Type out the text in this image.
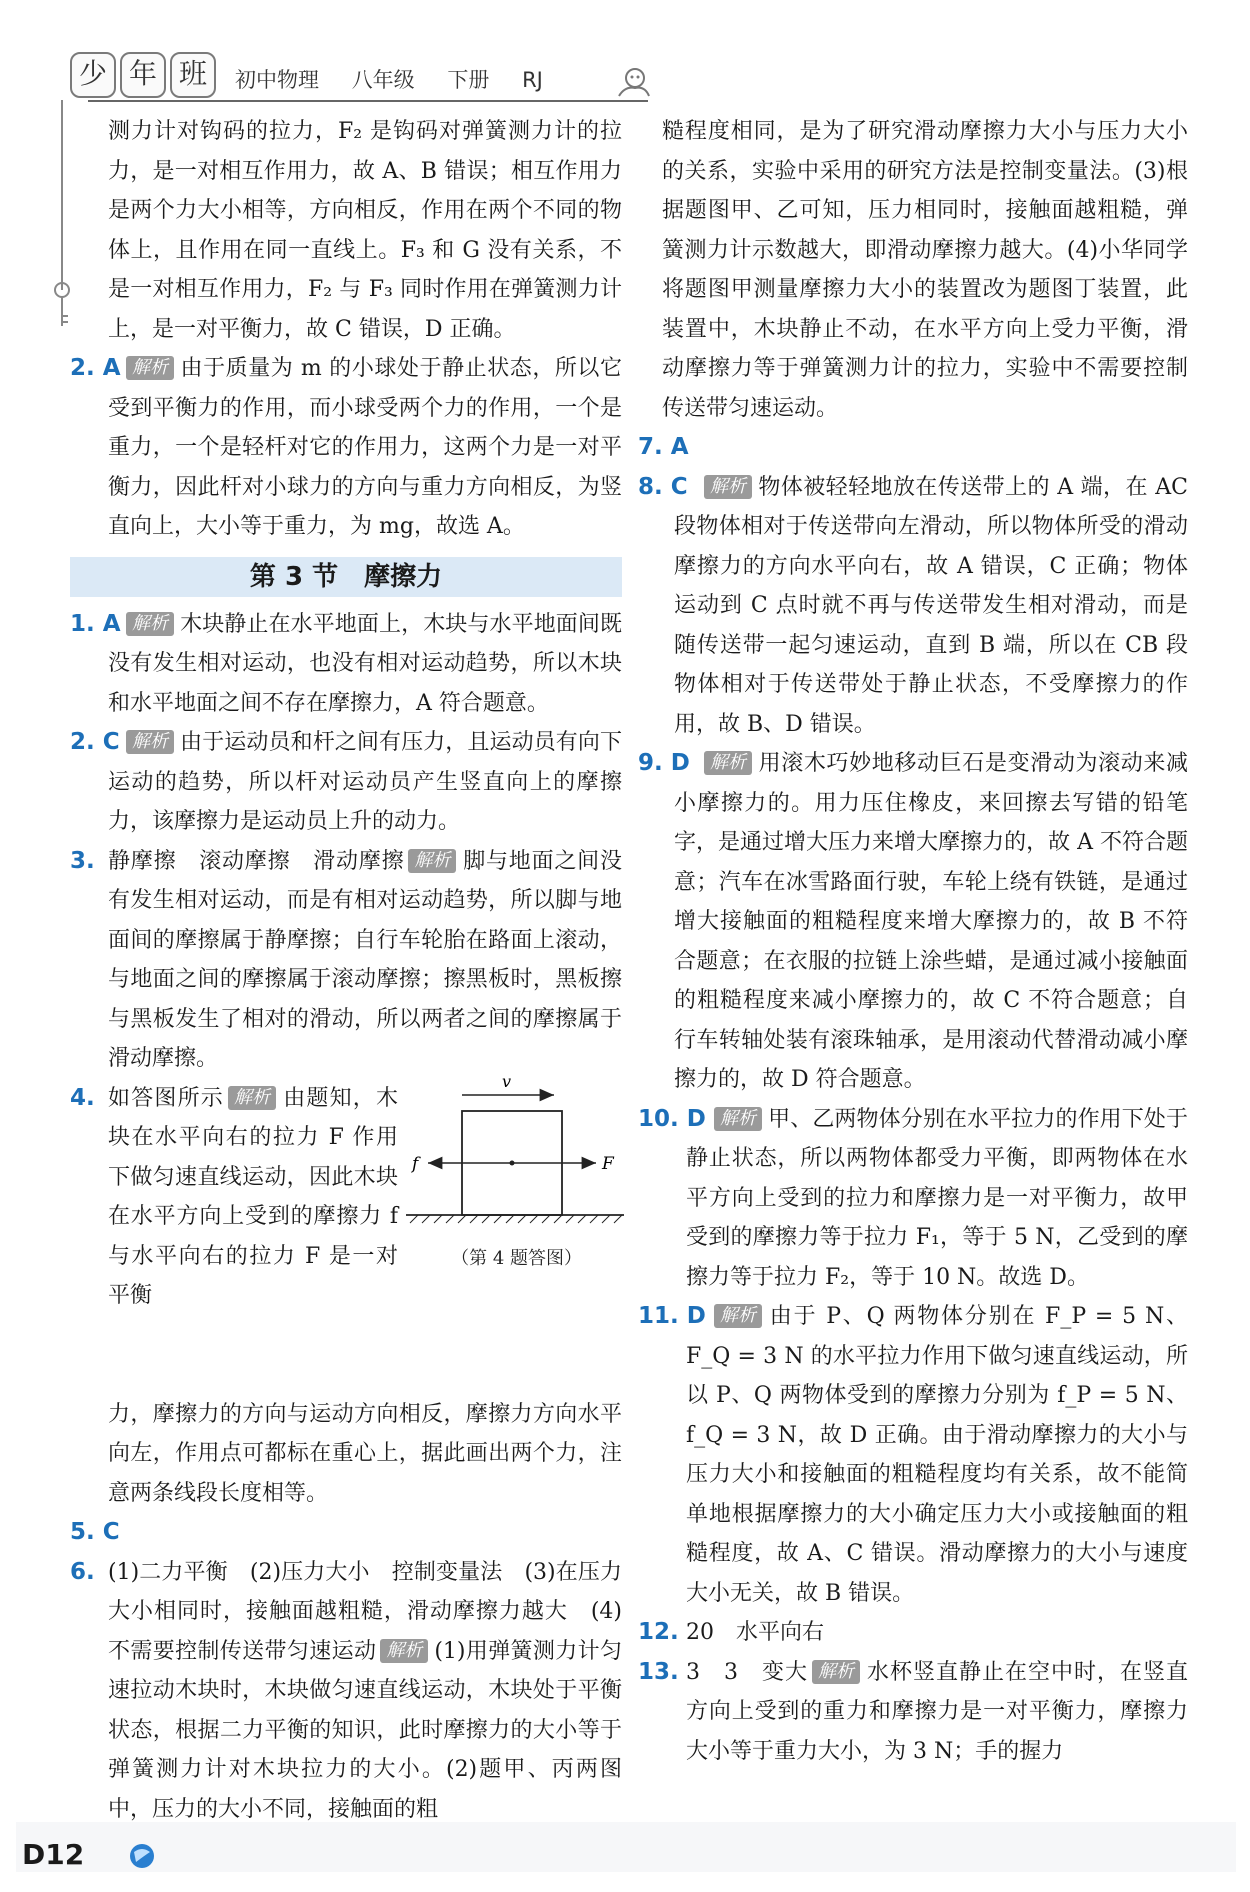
少 年 班 初中物理 八年级 下册 RJ

测力计对钩码的拉力，F₂ 是钩码对弹簧测力计的拉力，是一对相互作用力，故 A、B 错误；相互作用力是两个力大小相等，方向相反，作用在两个不同的物体上，且作用在同一直线上。F₃ 和 G 没有关系，不是一对相互作用力，F₂ 与 F₃ 同时作用在弹簧测力计上，是一对平衡力，故 C 错误，D 正确。

2. A 解析 由于质量为 m 的小球处于静止状态，所以它受到平衡力的作用，而小球受两个力的作用，一个是重力，一个是轻杆对它的作用力，这两个力是一对平衡力，因此杆对小球力的方向与重力方向相反，为竖直向上，大小等于重力，为 mg，故选 A。
第 3 节　摩擦力
1. A 解析 木块静止在水平地面上，木块与水平地面间既没有发生相对运动，也没有相对运动趋势，所以木块和水平地面之间不存在摩擦力，A 符合题意。
2. C 解析 由于运动员和杆之间有压力，且运动员有向下运动的趋势，所以杆对运动员产生竖直向上的摩擦力，该摩擦力是运动员上升的动力。
3. 静摩擦　滚动摩擦　滑动摩擦 解析 脚与地面之间没有发生相对运动，而是有相对运动趋势，所以脚与地面间的摩擦属于静摩擦；自行车轮胎在路面上滚动，与地面之间的摩擦属于滚动摩擦；擦黑板时，黑板擦与黑板发生了相对的滑动，所以两者之间的摩擦属于滑动摩擦。
4. 如答图所示 解析 由题知，木块在水平向右的拉力 F 作用下做匀速直线运动，因此木块在水平方向上受到的摩擦力 f 与水平向右的拉力 F 是一对平衡
v
f	F
（第 4 题答图）

力，摩擦力的方向与运动方向相反，摩擦力方向水平向左，作用点可都标在重心上，据此画出两个力，注意两条线段长度相等。

5. C

6. (1)二力平衡　(2)压力大小　控制变量法　(3)在压力大小相同时，接触面越粗糙，滑动摩擦力越大　(4)不需要控制传送带匀速运动 解析 (1)用弹簧测力计匀速拉动木块时，木块做匀速直线运动，木块处于平衡状态，根据二力平衡的知识，此时摩擦力的大小等于弹簧测力计对木块拉力的大小。(2)题甲、丙两图中，压力的大小不同，接触面的粗

糙程度相同，是为了研究滑动摩擦力大小与压力大小的关系，实验中采用的研究方法是控制变量法。(3)根据题图甲、乙可知，压力相同时，接触面越粗糙，弹簧测力计示数越大，即滑动摩擦力越大。(4)小华同学将题图甲测量摩擦力大小的装置改为题图丁装置，此装置中，木块静止不动，在水平方向上受力平衡，滑动摩擦力等于弹簧测力计的拉力，实验中不需要控制传送带匀速运动。

7. A

8. C 解析 物体被轻轻地放在传送带上的 A 端，在 AC 段物体相对于传送带向左滑动，所以物体所受的滑动摩擦力的方向水平向右，故 A 错误，C 正确；物体运动到 C 点时就不再与传送带发生相对滑动，而是随传送带一起匀速运动，直到 B 端，所以在 CB 段物体相对于传送带处于静止状态，不受摩擦力的作用，故 B、D 错误。
9. D 解析 用滚木巧妙地移动巨石是变滑动为滚动来减小摩擦力的。用力压住橡皮，来回擦去写错的铅笔字，是通过增大压力来增大摩擦力的，故 A 不符合题意；汽车在冰雪路面行驶，车轮上绕有铁链，是通过增大接触面的粗糙程度来增大摩擦力的，故 B 不符合题意；在衣服的拉链上涂些蜡，是通过减小接触面的粗糙程度来减小摩擦力的，故 C 不符合题意；自行车转轴处装有滚珠轴承，是用滚动代替滑动减小摩擦力的，故 D 符合题意。
10. D 解析 甲、乙两物体分别在水平拉力的作用下处于静止状态，所以两物体都受力平衡，即两物体在水平方向上受到的拉力和摩擦力是一对平衡力，故甲受到的摩擦力等于拉力 F₁，等于 5 N，乙受到的摩擦力等于拉力 F₂，等于 10 N。故选 D。
11. D 解析 由于 P、Q 两物体分别在 F_P = 5 N、F_Q = 3 N 的水平拉力作用下做匀速直线运动，所以 P、Q 两物体受到的摩擦力分别为 f_P = 5 N、f_Q = 3 N，故 D 正确。由于滑动摩擦力的大小与压力大小和接触面的粗糙程度均有关系，故不能简单地根据摩擦力的大小确定压力大小或接触面的粗糙程度，故 A、C 错误。滑动摩擦力的大小与速度大小无关，故 B 错误。
12. 20　水平向右
13. 3　3　变大 解析 水杯竖直静止在空中时，在竖直方向上受到的重力和摩擦力是一对平衡力，摩擦力大小等于重力大小，为 3 N；手的握力
D12
